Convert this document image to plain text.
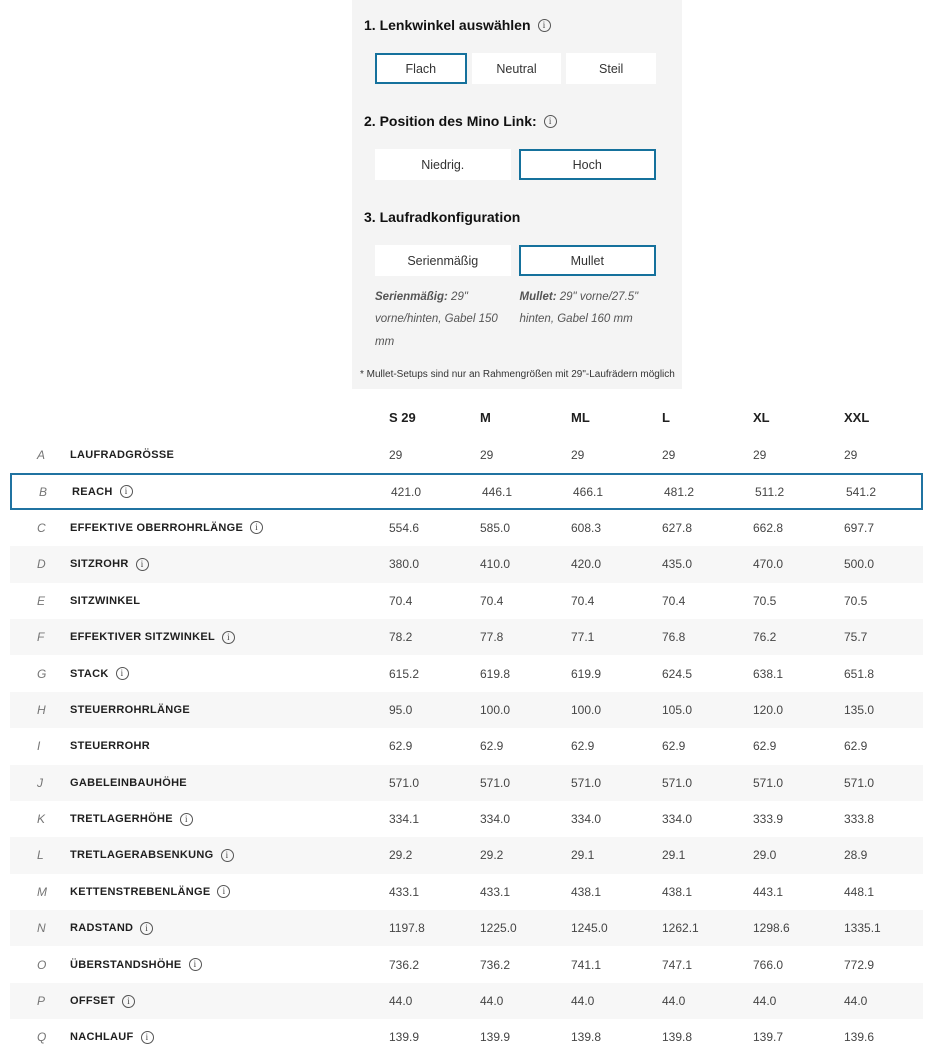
1. Lenkwinkel auswählen
i
Flach	Neutral	Steil
2. Position des Mino Link:
i
Niedrig.	Hoch
3. Laufradkonfiguration
Serienmäßig	Mullet
Serienmäßig: 29" vorne/hinten, Gabel 150 mm
Mullet: 29" vorne/27.5" hinten, Gabel 160 mm
* Mullet-Setups sind nur an Rahmengrößen mit 29"-Laufrädern möglich
S 29	M	ML	L	XL	XXL
A	LAUFRADGRÖSSE	29	29	29	29	29	29
B	REACH i	421.0	446.1	466.1	481.2	511.2	541.2
C	EFFEKTIVE OBERROHRLÄNGE i	554.6	585.0	608.3	627.8	662.8	697.7
D	SITZROHR i	380.0	410.0	420.0	435.0	470.0	500.0
E	SITZWINKEL	70.4	70.4	70.4	70.4	70.5	70.5
F	EFFEKTIVER SITZWINKEL i	78.2	77.8	77.1	76.8	76.2	75.7
G	STACK i	615.2	619.8	619.9	624.5	638.1	651.8
H	STEUERROHRLÄNGE	95.0	100.0	100.0	105.0	120.0	135.0
I	STEUERROHR	62.9	62.9	62.9	62.9	62.9	62.9
J	GABELEINBAUHÖHE	571.0	571.0	571.0	571.0	571.0	571.0
K	TRETLAGERHÖHE i	334.1	334.0	334.0	334.0	333.9	333.8
L	TRETLAGERABSENKUNG i	29.2	29.2	29.1	29.1	29.0	28.9
M	KETTENSTREBENLÄNGE i	433.1	433.1	438.1	438.1	443.1	448.1
N	RADSTAND i	1197.8	1225.0	1245.0	1262.1	1298.6	1335.1
O	ÜBERSTANDSHÖHE i	736.2	736.2	741.1	747.1	766.0	772.9
P	OFFSET i	44.0	44.0	44.0	44.0	44.0	44.0
Q	NACHLAUF i	139.9	139.9	139.8	139.8	139.7	139.6
